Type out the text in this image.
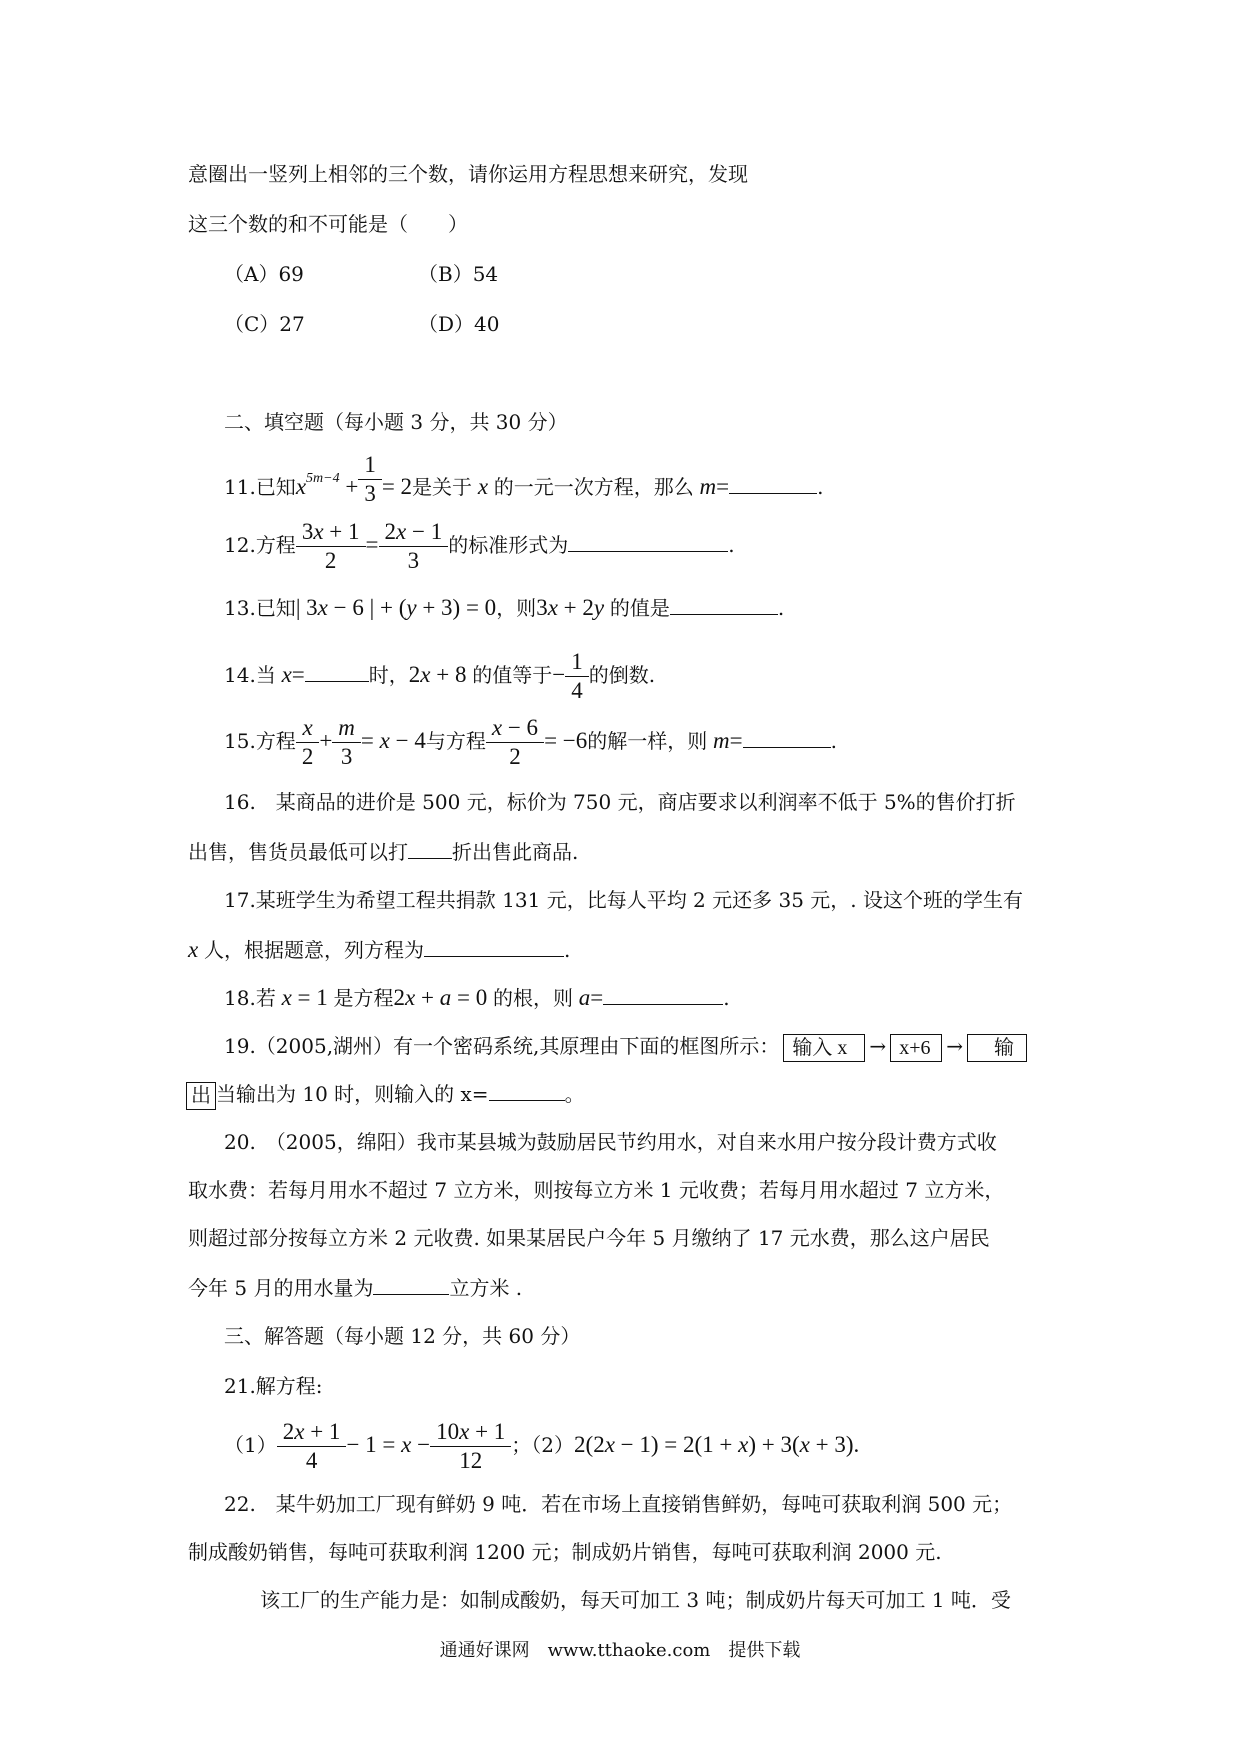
意圈出一竖列上相邻的三个数，请你运用方程思想来研究，发现
这三个数的和不可能是（　　）
（A）69	（B）54
（C）27	（D）40
二、填空题（每小题 3 分，共 30 分）
11.已知$x^{5m-4} + \frac{1}{3} = 2$是关于 x 的一元一次方程，那么 m=	.
12.方程 $\frac{3x + 1}{2} = \frac{2x - 1}{3}$ 的标准形式为	.
13.已知| 3x − 6 | + (y + 3) = 0，则3x + 2y 的值是	.
14.当 x=	时，2x + 8 的值等于− $\frac{1}{4}$ 的倒数.
15.方程 $\frac{x}{2} + \frac{m}{3} = x - 4$与方程 $\frac{x - 6}{2} = -6$的解一样，则 m=	.
16.　某商品的进价是 500 元，标价为 750 元，商店要求以利润率不低于 5%的售价打折
出售，售货员最低可以打 折出售此商品.
17.某班学生为希望工程共捐款 131 元，比每人平均 2 元还多 35 元，. 设这个班的学生有
x 人，根据题意，列方程为	.
18.若 x = 1 是方程2x + a = 0 的根，则 a=	.
19.（2005,湖州）有一个密码系统,其原理由下面的框图所示： 输入 x → x+6 → 输
出 当输出为 10 时，则输入的 x=	。
20.　（2005，绵阳）我市某县城为鼓励居民节约用水，对自来水用户按分段计费方式收
取水费：若每月用水不超过 7 立方米，则按每立方米 1 元收费；若每月用水超过 7 立方米，
则超过部分按每立方米 2 元收费. 如果某居民户今年 5 月缴纳了 17 元水费，那么这户居民
今年 5 月的用水量为	立方米 .
三、解答题（每小题 12 分，共 60 分）
21.解方程:
$(1) \frac{2x + 1}{4} - 1 = x - \frac{10x + 1}{12}$ ；（2）2(2x − 1) = 2(1 + x) + 3(x + 3).
22.　某牛奶加工厂现有鲜奶 9 吨．若在市场上直接销售鲜奶，每吨可获取利润 500 元；
制成酸奶销售，每吨可获取利润 1200 元；制成奶片销售，每吨可获取利润 2000 元.
该工厂的生产能力是：如制成酸奶，每天可加工 3 吨；制成奶片每天可加工 1 吨．受
通通好课网　www.tthaoke.com　提供下载
